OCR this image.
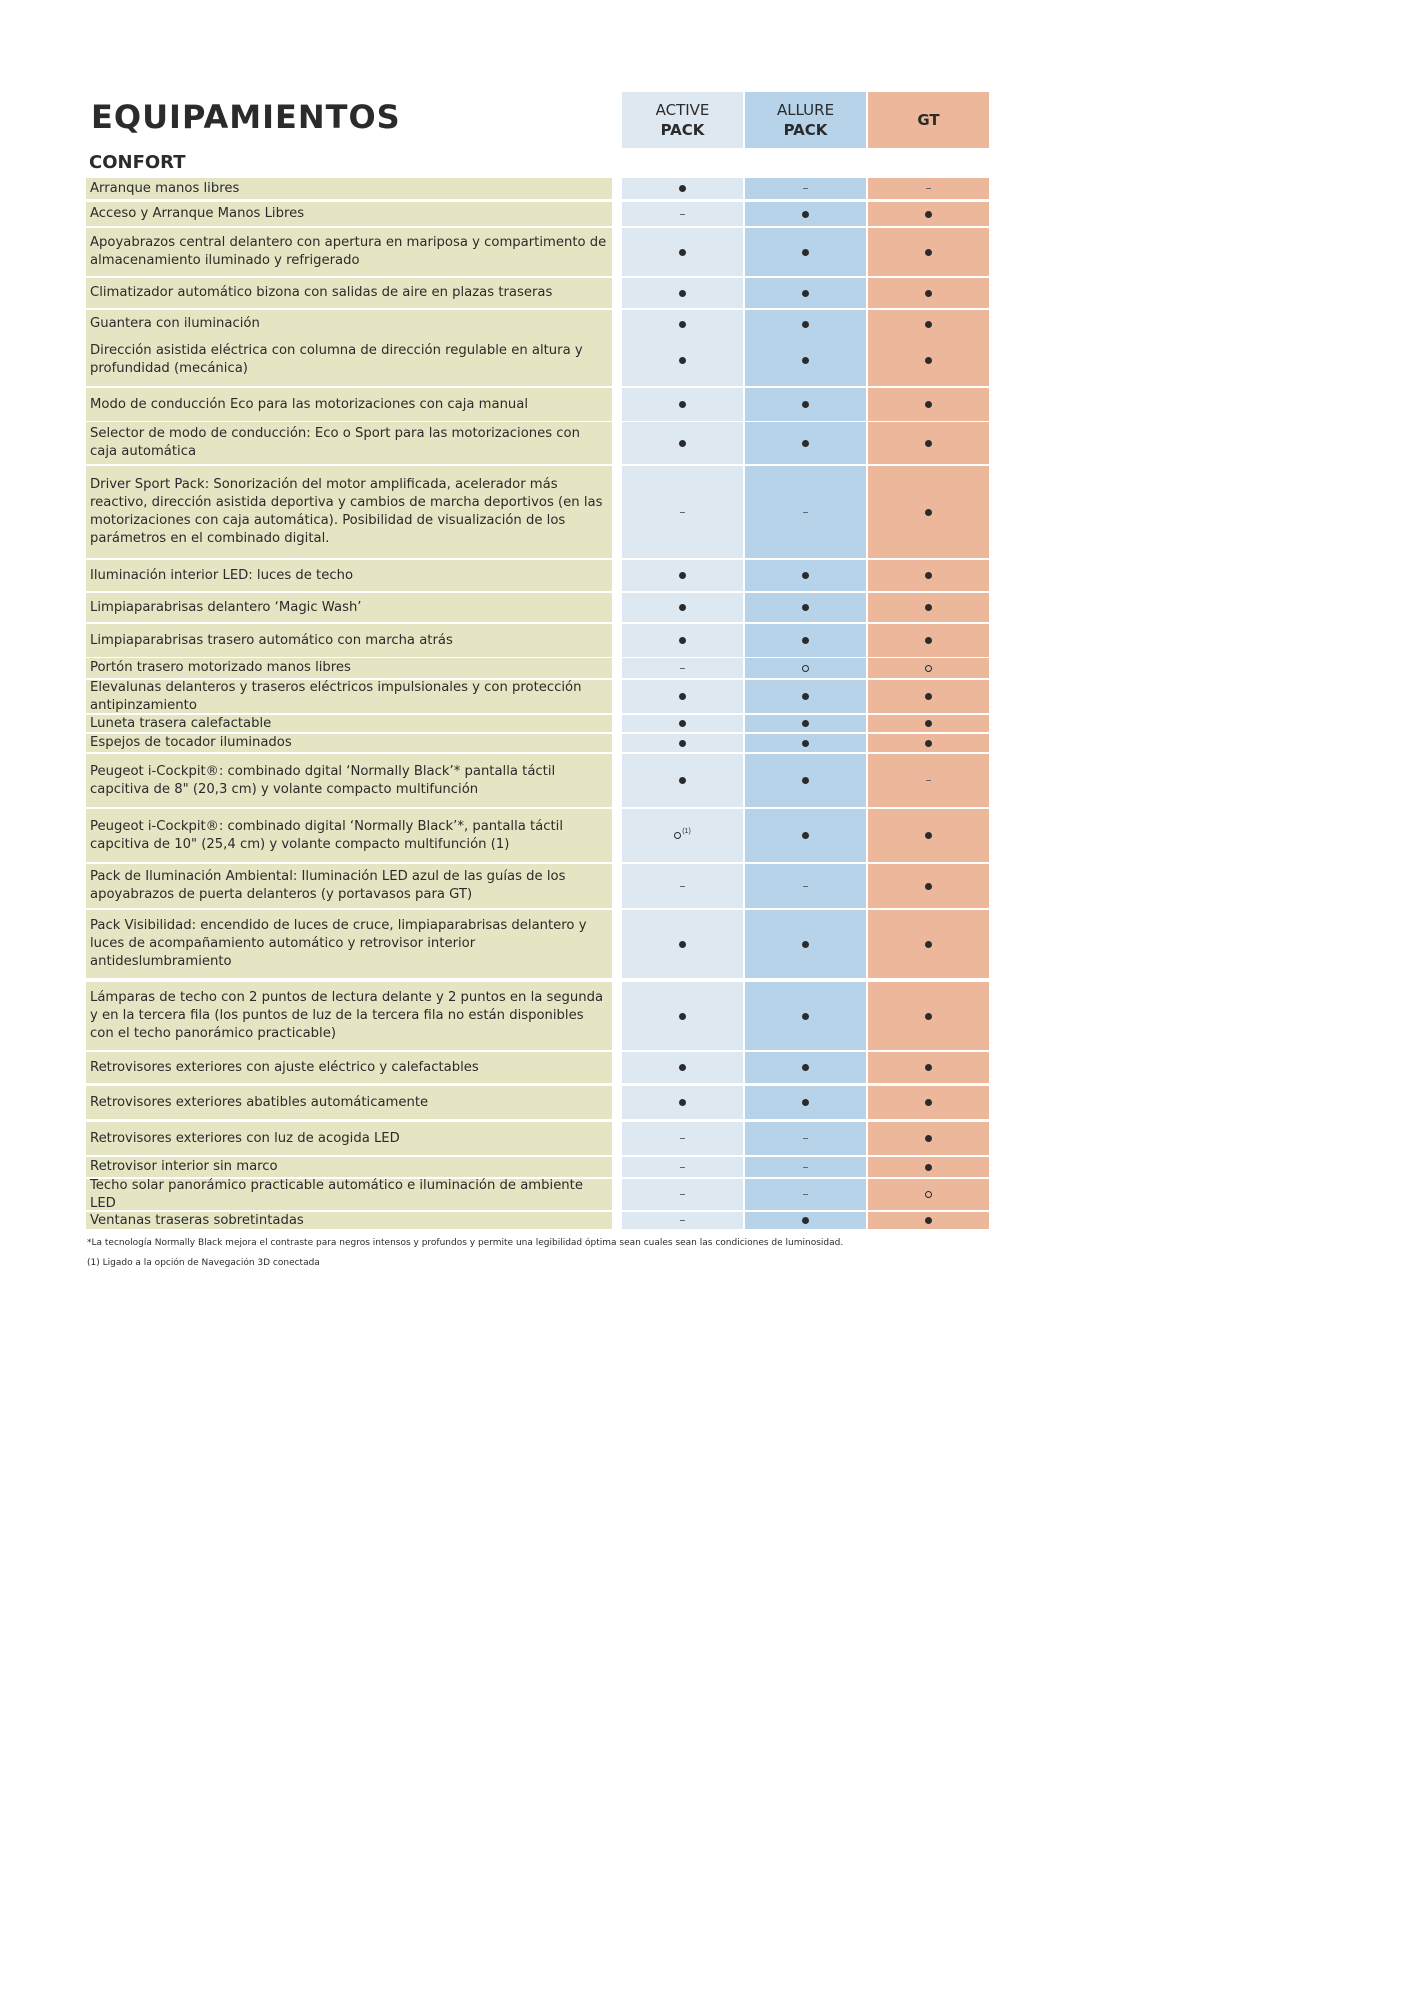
EQUIPAMIENTOS	ACTIVE
PACK
ALLURE
PACK
GT
CONFORT
Arranque manos libres
Acceso y Arranque Manos Libres
Apoyabrazos central delantero con apertura en mariposa y compartimento de almacenamiento iluminado y refrigerado
Climatizador automático bizona con salidas de aire en plazas traseras
Guantera con iluminación
Dirección asistida eléctrica con columna de dirección regulable en altura y profundidad (mecánica)
Modo de conducción Eco para las motorizaciones con caja manual
Selector de modo de conducción: Eco o Sport para las motorizaciones con caja automática
Driver Sport Pack: Sonorización del motor amplificada, acelerador más reactivo, dirección asistida deportiva y cambios de marcha deportivos (en las motorizaciones con caja automática). Posibilidad de visualización de los parámetros en el combinado digital.
Iluminación interior LED: luces de techo
Limpiaparabrisas delantero ‘Magic Wash’
Limpiaparabrisas trasero automático con marcha atrás
Portón trasero motorizado manos libres
Elevalunas delanteros y traseros eléctricos impulsionales y con protección antipinzamiento
Luneta trasera calefactable
Espejos de tocador iluminados
Peugeot i-Cockpit®: combinado dgital ‘Normally Black’* pantalla táctil capcitiva de 8" (20,3 cm) y volante compacto multifunción
Peugeot i-Cockpit®: combinado digital ‘Normally Black’*, pantalla táctil capcitiva de 10" (25,4 cm) y volante compacto multifunción (1)
(1)
Pack de Iluminación Ambiental: Iluminación LED azul de las guías de los apoyabrazos de puerta delanteros (y portavasos para GT)
Pack Visibilidad: encendido de luces de cruce, limpiaparabrisas delantero y luces de acompañamiento automático y retrovisor interior antideslumbramiento
Lámparas de techo con 2 puntos de lectura delante y 2 puntos en la segunda y en la tercera fila (los puntos de luz de la tercera fila no están disponibles con el techo panorámico practicable)
Retrovisores exteriores con ajuste eléctrico y calefactables
Retrovisores exteriores abatibles automáticamente
Retrovisores exteriores con luz de acogida LED
Retrovisor interior sin marco
Techo solar panorámico practicable automático e iluminación de ambiente LED
Ventanas traseras sobretintadas
*La tecnología Normally Black mejora el contraste para negros intensos y profundos y permite una legibilidad óptima sean cuales sean las condiciones de luminosidad.
(1) Ligado a la opción de Navegación 3D conectada
